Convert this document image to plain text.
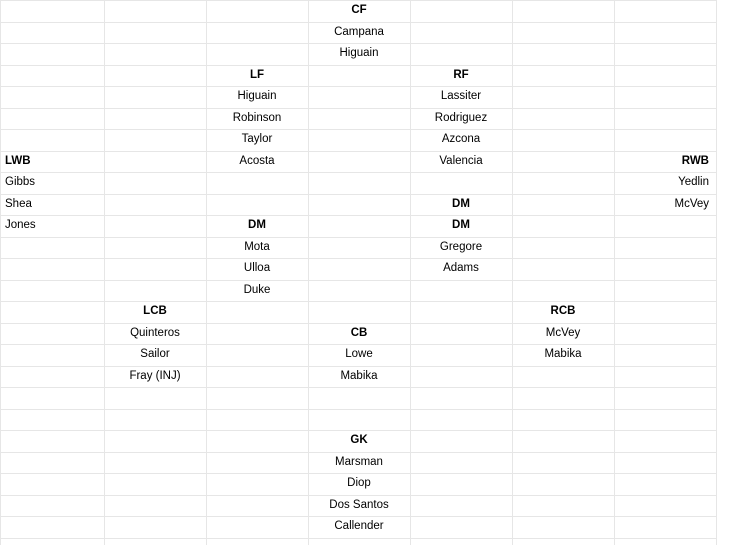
CF
Campana
Higuain
LF
Higuain
Robinson
Taylor
Acosta
RF
Lassiter
Rodriguez
Azcona
Valencia
LWB
Gibbs
Shea
Jones
RWB
Yedlin
McVey
DM
DM
Mota
Ulloa
Duke
DM
Gregore
Adams
LCB
Quinteros
Sailor
Fray (INJ)
RCB
McVey
Mabika
CB
Lowe
Mabika
GK
Marsman
Diop
Dos Santos
Callender
